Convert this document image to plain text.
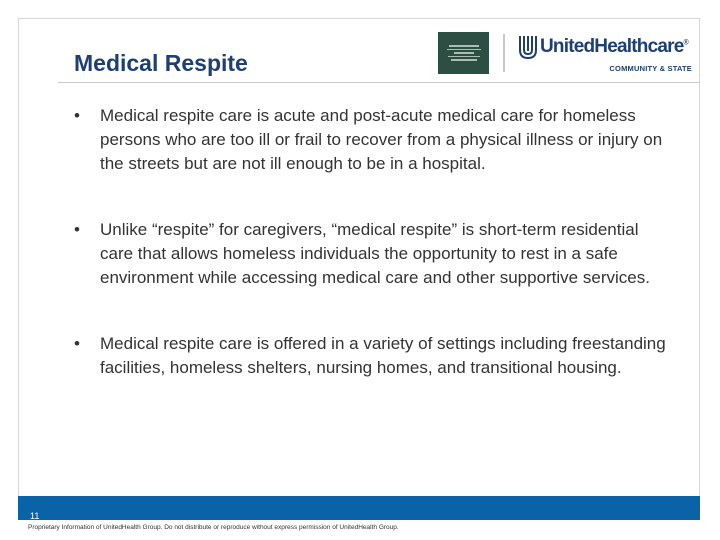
Medical Respite
UnitedHealthcare®
COMMUNITY & STATE
• Medical respite care is acute and post-acute medical care for homeless persons who are too ill or frail to recover from a physical illness or injury on the streets but are not ill enough to be in a hospital.
• Unlike “respite” for caregivers, “medical respite” is short-term residential care that allows homeless individuals the opportunity to rest in a safe environment while accessing medical care and other supportive services.
• Medical respite care is offered in a variety of settings including freestanding facilities, homeless shelters, nursing homes, and transitional housing.
11
Proprietary Information of UnitedHealth Group. Do not distribute or reproduce without express permission of UnitedHealth Group.
